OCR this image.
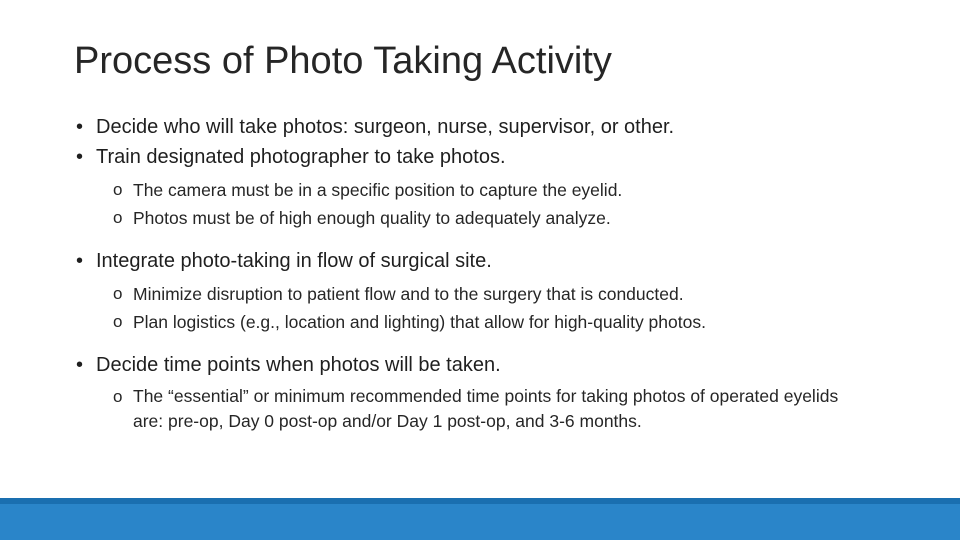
Process of Photo Taking Activity
• Decide who will take photos: surgeon, nurse, supervisor, or other.
• Train designated photographer to take photos.
o The camera must be in a specific position to capture the eyelid.
o Photos must be of high enough quality to adequately analyze.
• Integrate photo-taking in flow of surgical site.
o Minimize disruption to patient flow and to the surgery that is conducted.
o Plan logistics (e.g., location and lighting) that allow for high-quality photos.
• Decide time points when photos will be taken.
o The “essential” or minimum recommended time points for taking photos of operated eyelids are: pre-op, Day 0 post-op and/or Day 1 post-op, and 3-6 months.
